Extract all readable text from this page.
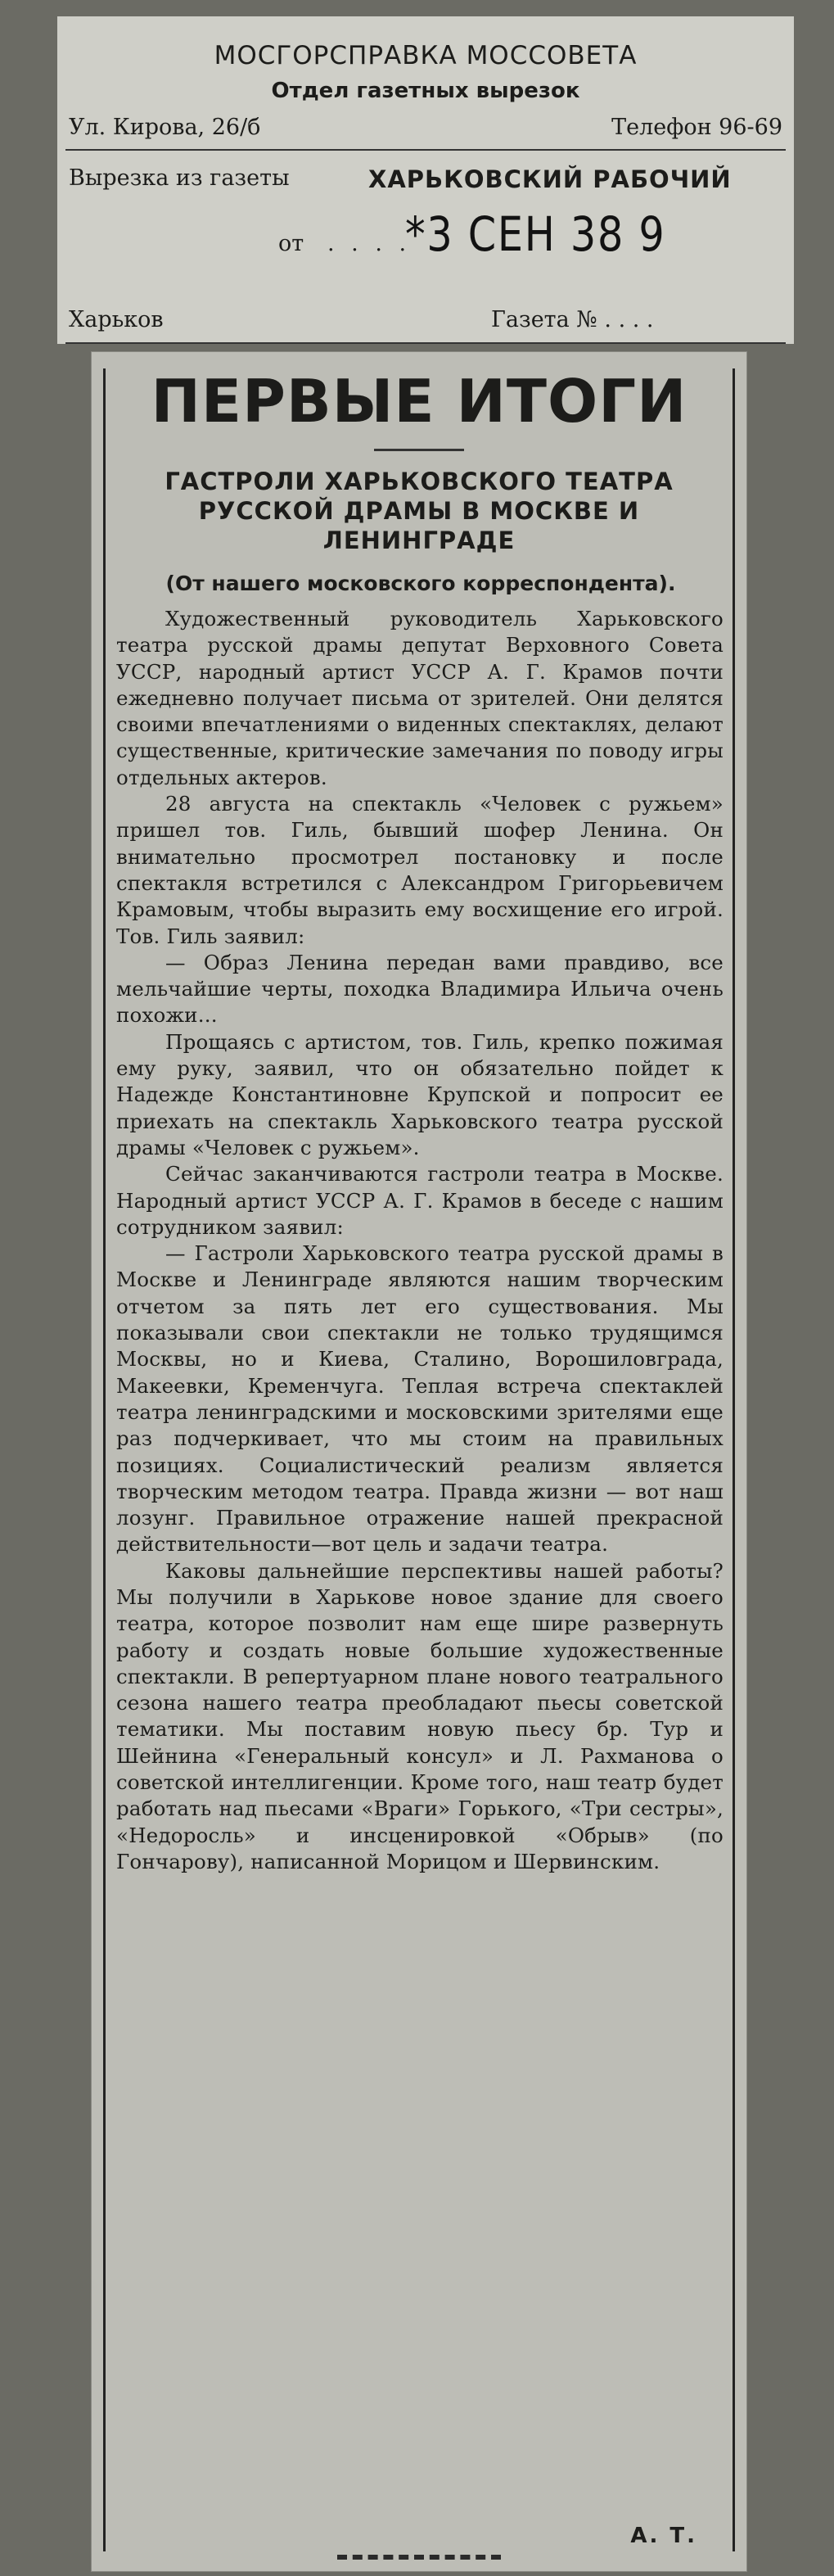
МОСГОРСПРАВКА МОССОВЕТА
Отдел газетных вырезок
Ул. Кирова, 26/б	Телефон 96-69
Вырезка из газеты	ХАРЬКОВСКИЙ РАБОЧИЙ
от . . . .
*3 СЕН 38 9
Харьков	Газета № . . . .
ПЕРВЫЕ ИТОГИ
ГАСТРОЛИ ХАРЬКОВСКОГО ТЕАТРА РУССКОЙ ДРАМЫ В МОСКВЕ И ЛЕНИНГРАДЕ
(От нашего московского корреспондента).

Художественный руководитель Харьковского театра русской драмы депутат Верховного Совета УССР, народный артист УССР А. Г. Крамов почти ежедневно получает письма от зрителей. Они делятся своими впечатлениями о виденных спектаклях, делают существенные, критические замечания по поводу игры отдельных актеров.

28 августа на спектакль «Человек с ружьем» пришел тов. Гиль, бывший шофер Ленина. Он внимательно просмотрел постановку и после спектакля встретился с Александром Григорьевичем Крамовым, чтобы выразить ему восхищение его игрой. Тов. Гиль заявил:

— Образ Ленина передан вами правдиво, все мельчайшие черты, походка Владимира Ильича очень похожи...

Прощаясь с артистом, тов. Гиль, крепко пожимая ему руку, заявил, что он обязательно пойдет к Надежде Константиновне Крупской и попросит ее приехать на спектакль Харьковского театра русской драмы «Человек с ружьем».

Сейчас заканчиваются гастроли театра в Москве. Народный артист УССР А. Г. Крамов в беседе с нашим сотрудником заявил:

— Гастроли Харьковского театра русской драмы в Москве и Ленинграде являются нашим творческим отчетом за пять лет его существования. Мы показывали свои спектакли не только трудящимся Москвы, но и Киева, Сталино, Ворошиловграда, Макеевки, Кременчуга. Теплая встреча спектаклей театра ленинградскими и московскими зрителями еще раз подчеркивает, что мы стоим на правильных позициях. Социалистический реализм является творческим методом театра. Правда жизни — вот наш лозунг. Правильное отражение нашей прекрасной действительности—вот цель и задачи театра.

Каковы дальнейшие перспективы нашей работы? Мы получили в Харькове новое здание для своего театра, которое позволит нам еще шире развернуть работу и создать новые большие художественные спектакли. В репертуарном плане нового театрального сезона нашего театра преобладают пьесы советской тематики. Мы поставим новую пьесу бр. Тур и Шейнина «Генеральный консул» и Л. Рахманова о советской интеллигенции. Кроме того, наш театр будет работать над пьесами «Враги» Горького, «Три сестры», «Недоросль» и инсценировкой «Обрыв» (по Гончарову), написанной Морицом и Шервинским.

А. Т.
